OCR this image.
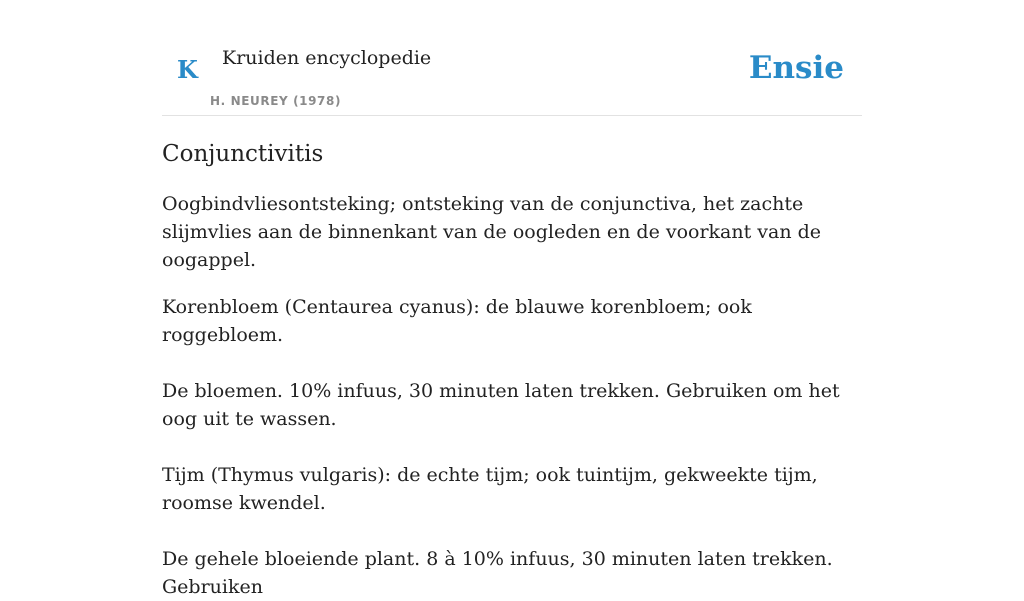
K Kruiden encyclopedie
H. NEUREY (1978)
Ensie
Conjunctivitis

Oogbindvliesontsteking; ontsteking van de conjunctiva, het zachte slijmvlies aan de binnenkant van de oogleden en de voorkant van de oogappel.

Korenbloem (Centaurea cyanus): de blauwe korenbloem; ook roggebloem.

De bloemen. 10% infuus, 30 minuten laten trekken. Gebruiken om het oog uit te wassen.

Tijm (Thymus vulgaris): de echte tijm; ook tuintijm, gekweekte tijm, roomse kwendel.

De gehele bloeiende plant. 8 à 10% infuus, 30 minuten laten trekken. Gebruiken
